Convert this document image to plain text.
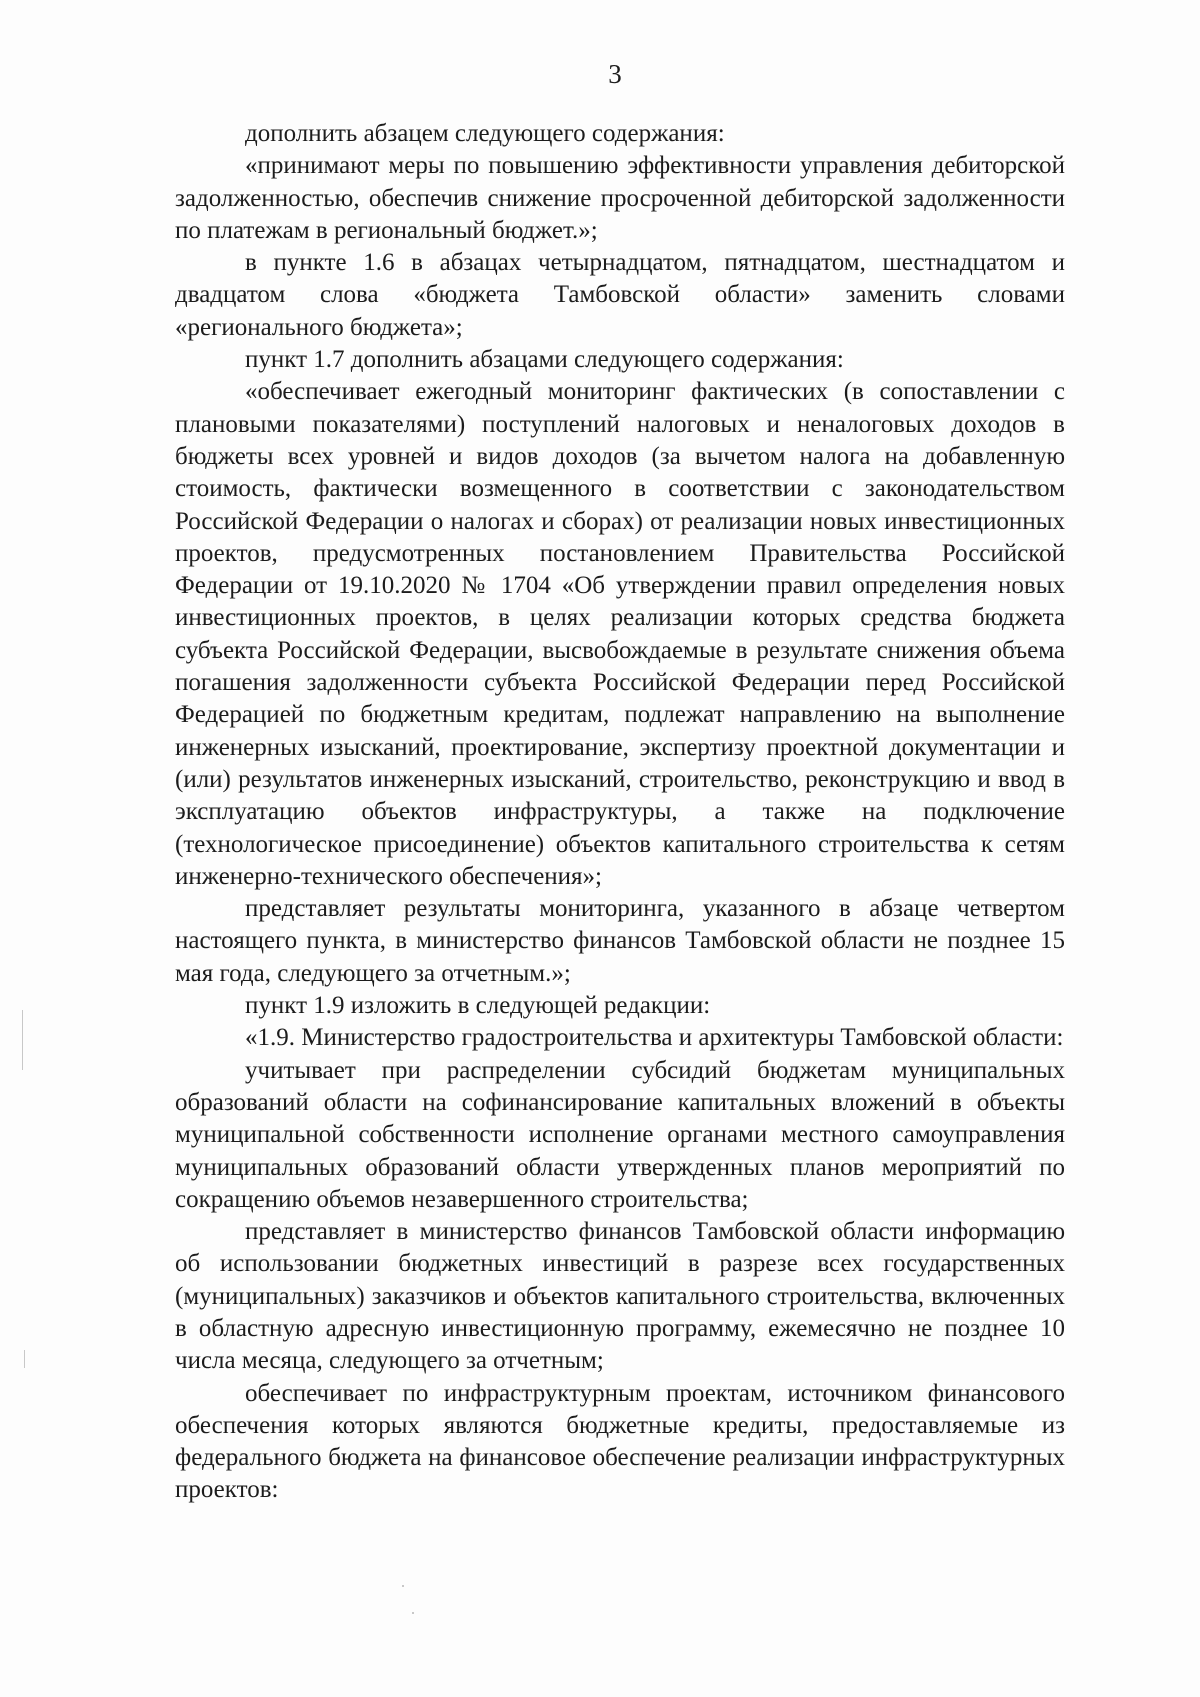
3

дополнить абзацем следующего содержания:

«принимают меры по повышению эффективности управления дебиторской задолженностью, обеспечив снижение просроченной дебиторской задолженности по платежам в региональный бюджет.»;

в пункте 1.6 в абзацах четырнадцатом, пятнадцатом, шестнадцатом и двадцатом слова «бюджета Тамбовской области» заменить словами «регионального бюджета»;

пункт 1.7 дополнить абзацами следующего содержания:

«обеспечивает ежегодный мониторинг фактических (в сопоставлении с плановыми показателями) поступлений налоговых и неналоговых доходов в бюджеты всех уровней и видов доходов (за вычетом налога на добавленную стоимость, фактически возмещенного в соответствии с законодательством Российской Федерации о налогах и сборах) от реализации новых инвестиционных проектов, предусмотренных постановлением Правительства Российской Федерации от 19.10.2020 № 1704 «Об утверждении правил определения новых инвестиционных проектов, в целях реализации которых средства бюджета субъекта Российской Федерации, высвобождаемые в результате снижения объема погашения задолженности субъекта Российской Федерации перед Российской Федерацией по бюджетным кредитам, подлежат направлению на выполнение инженерных изысканий, проектирование, экспертизу проектной документации и (или) результатов инженерных изысканий, строительство, реконструкцию и ввод в эксплуатацию объектов инфраструктуры, а также на подключение (технологическое присоединение) объектов капитального строительства к сетям инженерно-технического обеспечения»;

представляет результаты мониторинга, указанного в абзаце четвертом настоящего пункта, в министерство финансов Тамбовской области не позднее 15 мая года, следующего за отчетным.»;

пункт 1.9 изложить в следующей редакции:

«1.9. Министерство градостроительства и архитектуры Тамбовской области:

учитывает при распределении субсидий бюджетам муниципальных образований области на софинансирование капитальных вложений в объекты муниципальной собственности исполнение органами местного самоуправления муниципальных образований области утвержденных планов мероприятий по сокращению объемов незавершенного строительства;

представляет в министерство финансов Тамбовской области информацию об использовании бюджетных инвестиций в разрезе всех государственных (муниципальных) заказчиков и объектов капитального строительства, включенных в областную адресную инвестиционную программу, ежемесячно не позднее 10 числа месяца, следующего за отчетным;

обеспечивает по инфраструктурным проектам, источником финансового обеспечения которых являются бюджетные кредиты, предоставляемые из федерального бюджета на финансовое обеспечение реализации инфраструктурных проектов:
